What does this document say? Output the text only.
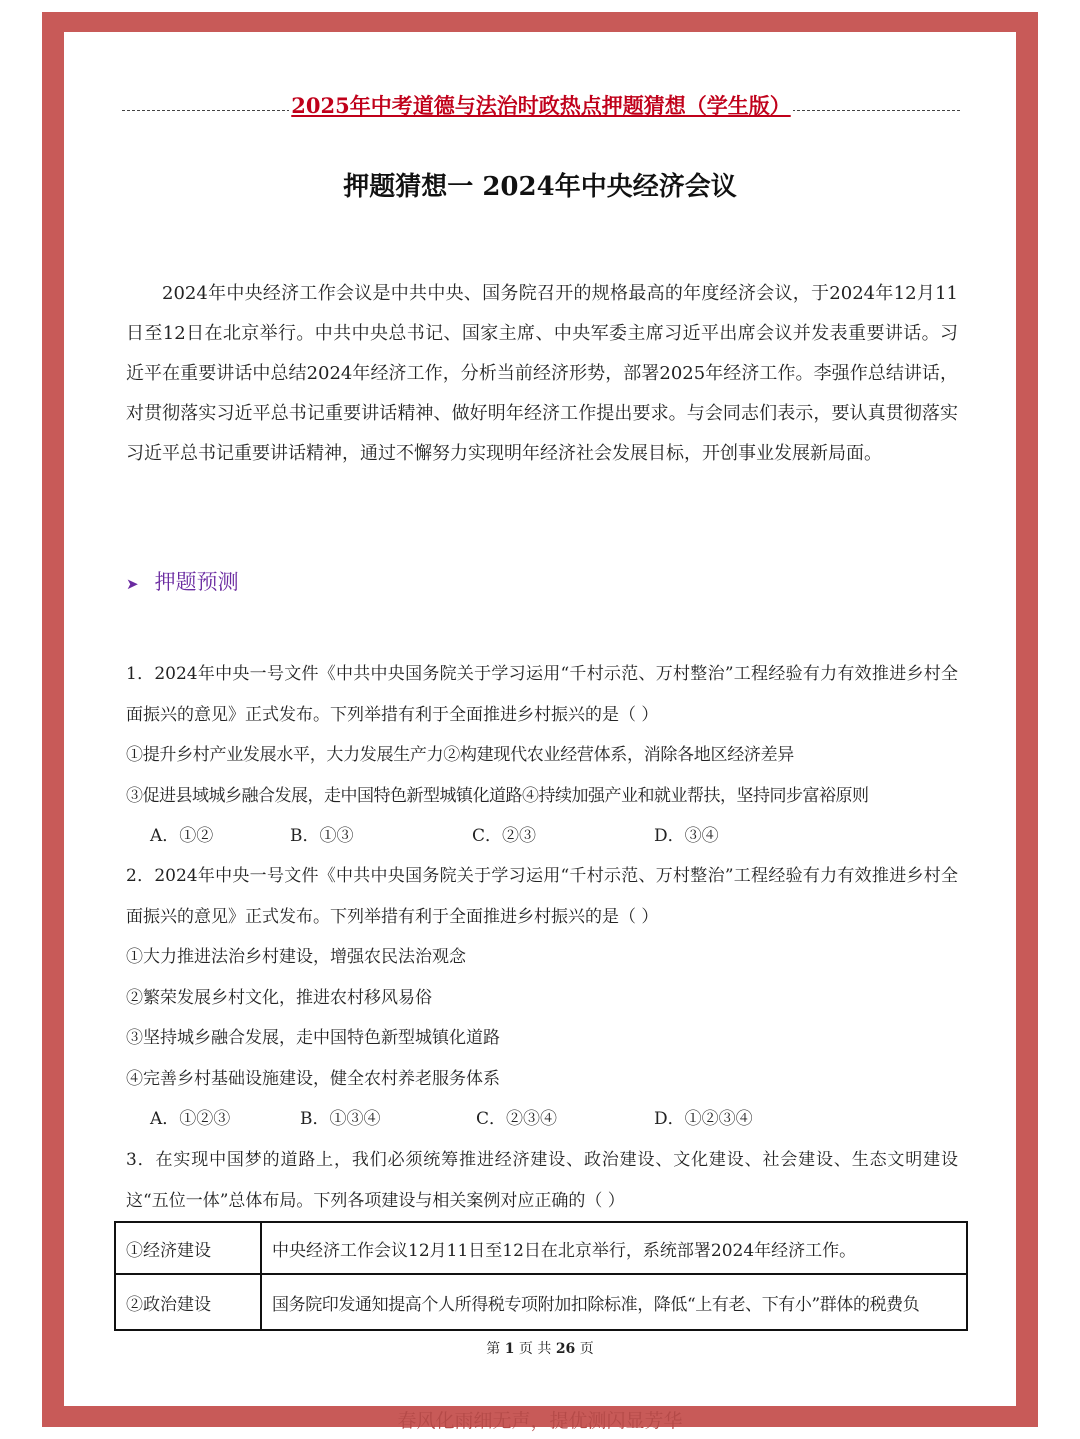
2025年中考道德与法治时政热点押题猜想（学生版）
押题猜想一 2024年中央经济会议

2024年中央经济工作会议是中共中央、国务院召开的规格最高的年度经济会议，于2024年12月11日至12日在北京举行。中共中央总书记、国家主席、中央军委主席习近平出席会议并发表重要讲话。习近平在重要讲话中总结2024年经济工作，分析当前经济形势，部署2025年经济工作。李强作总结讲话，对贯彻落实习近平总书记重要讲话精神、做好明年经济工作提出要求。与会同志们表示，要认真贯彻落实习近平总书记重要讲话精神，通过不懈努力实现明年经济社会发展目标，开创事业发展新局面。

➤ 押题预测

1．2024年中央一号文件《中共中央国务院关于学习运用“千村示范、万村整治”工程经验有力有效推进乡村全面振兴的意见》正式发布。下列举措有利于全面推进乡村振兴的是（ ）

①提升乡村产业发展水平，大力发展生产力②构建现代农业经营体系，消除各地区经济差异

③促进县域城乡融合发展，走中国特色新型城镇化道路④持续加强产业和就业帮扶，坚持同步富裕原则

A．①②	B．①③	C．②③	D．③④

2．2024年中央一号文件《中共中央国务院关于学习运用“千村示范、万村整治”工程经验有力有效推进乡村全面振兴的意见》正式发布。下列举措有利于全面推进乡村振兴的是（ ）

①大力推进法治乡村建设，增强农民法治观念

②繁荣发展乡村文化，推进农村移风易俗

③坚持城乡融合发展，走中国特色新型城镇化道路

④完善乡村基础设施建设，健全农村养老服务体系

A．①②③	B．①③④	C．②③④	D．①②③④

3．在实现中国梦的道路上，我们必须统筹推进经济建设、政治建设、文化建设、社会建设、生态文明建设这“五位一体”总体布局。下列各项建设与相关案例对应正确的（ ）

①经济建设	中央经济工作会议12月11日至12日在北京举行，系统部署2024年经济工作。
②政治建设	国务院印发通知提高个人所得税专项附加扣除标准，降低“上有老、下有小”群体的税费负
第 1 页 共 26 页
春风化雨细无声，提优测闪显芳华
